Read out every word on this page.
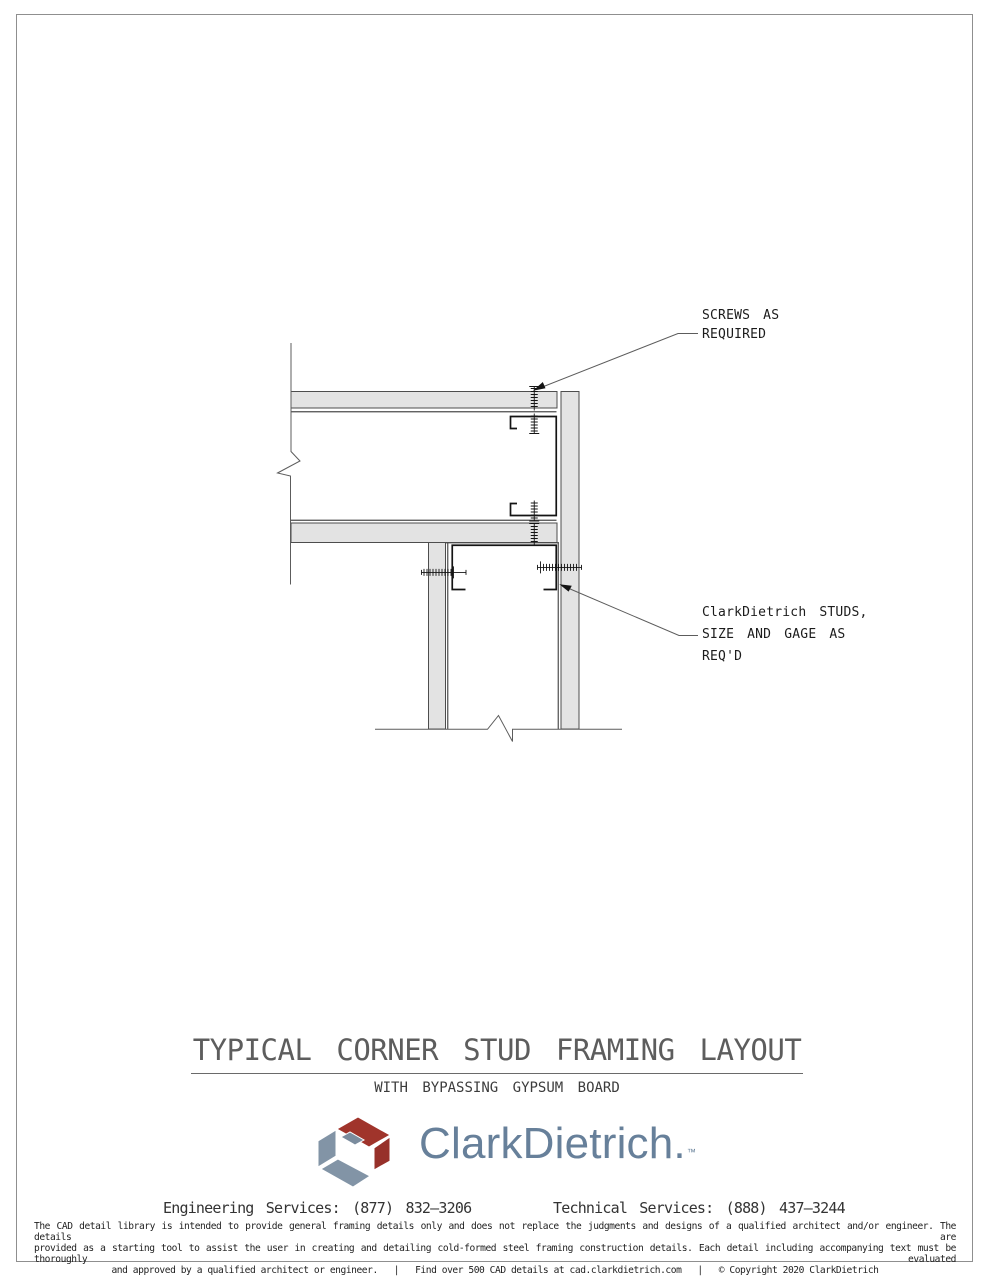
SCREWS AS
REQUIRED
ClarkDietrich STUDS,
SIZE AND GAGE AS
REQ'D
TYPICAL CORNER STUD FRAMING LAYOUT
WITH BYPASSING GYPSUM BOARD
ClarkDietrich.™
Engineering Services: (877) 832–3206	Technical Services: (888) 437–3244
The CAD detail library is intended to provide general framing details only and does not replace the judgments and designs of a qualified architect and/or engineer. The details are
provided as a starting tool to assist the user in creating and detailing cold-formed steel framing construction details. Each detail including accompanying text must be thoroughly evaluated
and approved by a qualified architect or engineer. | Find over 500 CAD details at cad.clarkdietrich.com | © Copyright 2020 ClarkDietrich
